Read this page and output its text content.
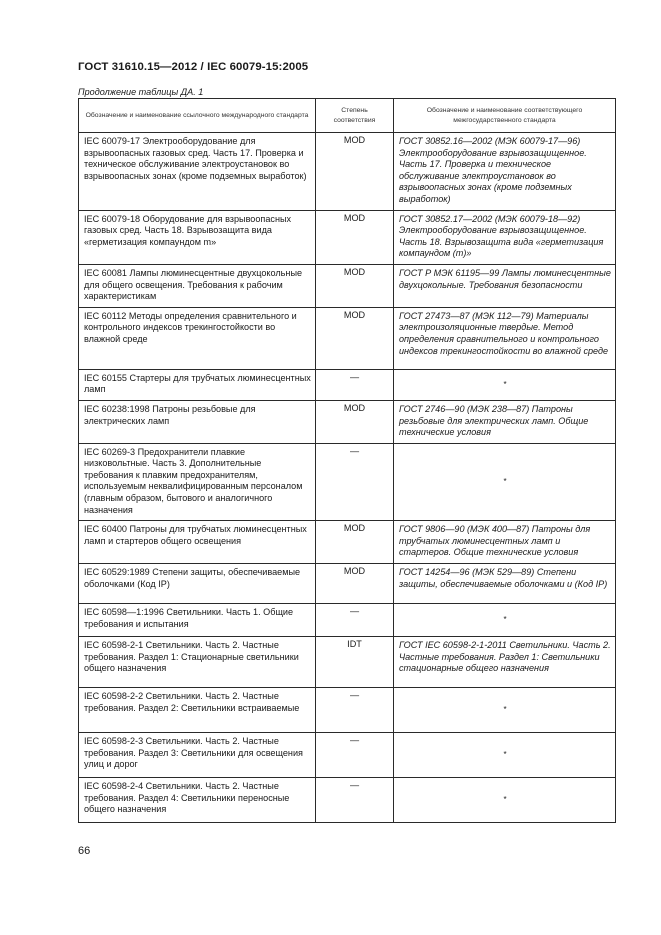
ГОСТ 31610.15—2012 / IEC 60079-15:2005
Продолжение таблицы ДА. 1
Обозначение и наименование ссылочного международного стандарта	Степень соответствия	Обозначение и наименование соответствующего межгосударственного стандарта
IEC 60079-17 Электрооборудование для взрывоопасных газовых сред. Часть 17. Проверка и техническое обслуживание электроустановок во взрывоопасных зонах (кроме подземных выработок)	MOD	ГОСТ 30852.16—2002 (МЭК 60079-17—96) Электрооборудование взрывозащищенное. Часть 17. Проверка и техническое обслуживание электроустановок во взрывоопасных зонах (кроме подземных выработок)
IEC 60079-18 Оборудование для взрывоопасных газовых сред. Часть 18. Взрывозащита вида «герметизация компаундом m»	MOD	ГОСТ 30852.17—2002 (МЭК 60079-18—92) Электрооборудование взрывозащищенное. Часть 18. Взрывозащита вида «герметизация компаундом (m)»
IEC 60081 Лампы люминесцентные двухцокольные для общего освещения. Требования к рабочим характеристикам	MOD	ГОСТ Р МЭК 61195—99 Лампы люминесцентные двухцокольные. Требования безопасности
IEC 60112 Методы определения сравнительного и контрольного индексов трекингостойкости во влажной среде	MOD	ГОСТ 27473—87 (МЭК 112—79) Материалы электроизоляционные твердые. Метод определения сравнительного и контрольного индексов трекингостойкости во влажной среде
IEC 60155 Стартеры для трубчатых люминесцентных ламп	—	*
IEC 60238:1998 Патроны резьбовые для электрических ламп	MOD	ГОСТ 2746—90 (МЭК 238—87) Патроны резьбовые для электрических ламп. Общие технические условия
IEC 60269-3 Предохранители плавкие низковольтные. Часть 3. Дополнительные требования к плавким предохранителям, используемым неквалифицированным персоналом (главным образом, бытового и аналогичного назначения	—	*
IEC 60400 Патроны для трубчатых люминесцентных ламп и стартеров общего освещения	MOD	ГОСТ 9806—90 (МЭК 400—87) Патроны для трубчатых люминесцентных ламп и стартеров. Общие технические условия
IEC 60529:1989 Степени защиты, обеспечиваемые оболочками (Код IP)	MOD	ГОСТ 14254—96 (МЭК 529—89) Степени защиты, обеспечиваемые оболочками и (Код IP)
IEC 60598—1:1996 Светильники. Часть 1. Общие требования и испытания	—	*
IEC 60598-2-1 Светильники. Часть 2. Частные требования. Раздел 1: Стационарные светильники общего назначения	IDT	ГОСТ IEC 60598-2-1-2011 Светильники. Часть 2. Частные требования. Раздел 1: Светильники стационарные общего назначения
IEC 60598-2-2 Светильники. Часть 2. Частные требования. Раздел 2: Светильники встраиваемые	—	*
IEC 60598-2-3 Светильники. Часть 2. Частные требования. Раздел 3: Светильники для освещения улиц и дорог	—	*
IEC 60598-2-4 Светильники. Часть 2. Частные требования. Раздел 4: Светильники переносные общего назначения	—	*
66
